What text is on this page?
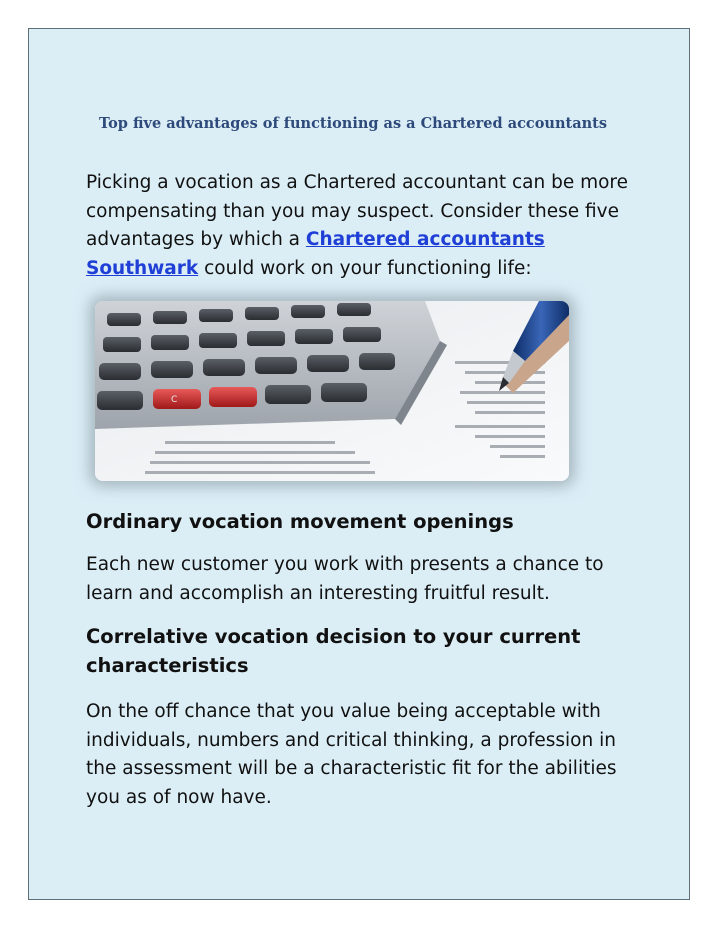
Top five advantages of functioning as a Chartered accountants

Picking a vocation as a Chartered accountant can be more compensating than you may suspect. Consider these five advantages by which a Chartered accountants Southwark could work on your functioning life:

C
Ordinary vocation movement openings

Each new customer you work with presents a chance to learn and accomplish an interesting fruitful result.

Correlative vocation decision to your current characteristics

On the off chance that you value being acceptable with individuals, numbers and critical thinking, a profession in the assessment will be a characteristic fit for the abilities you as of now have.
